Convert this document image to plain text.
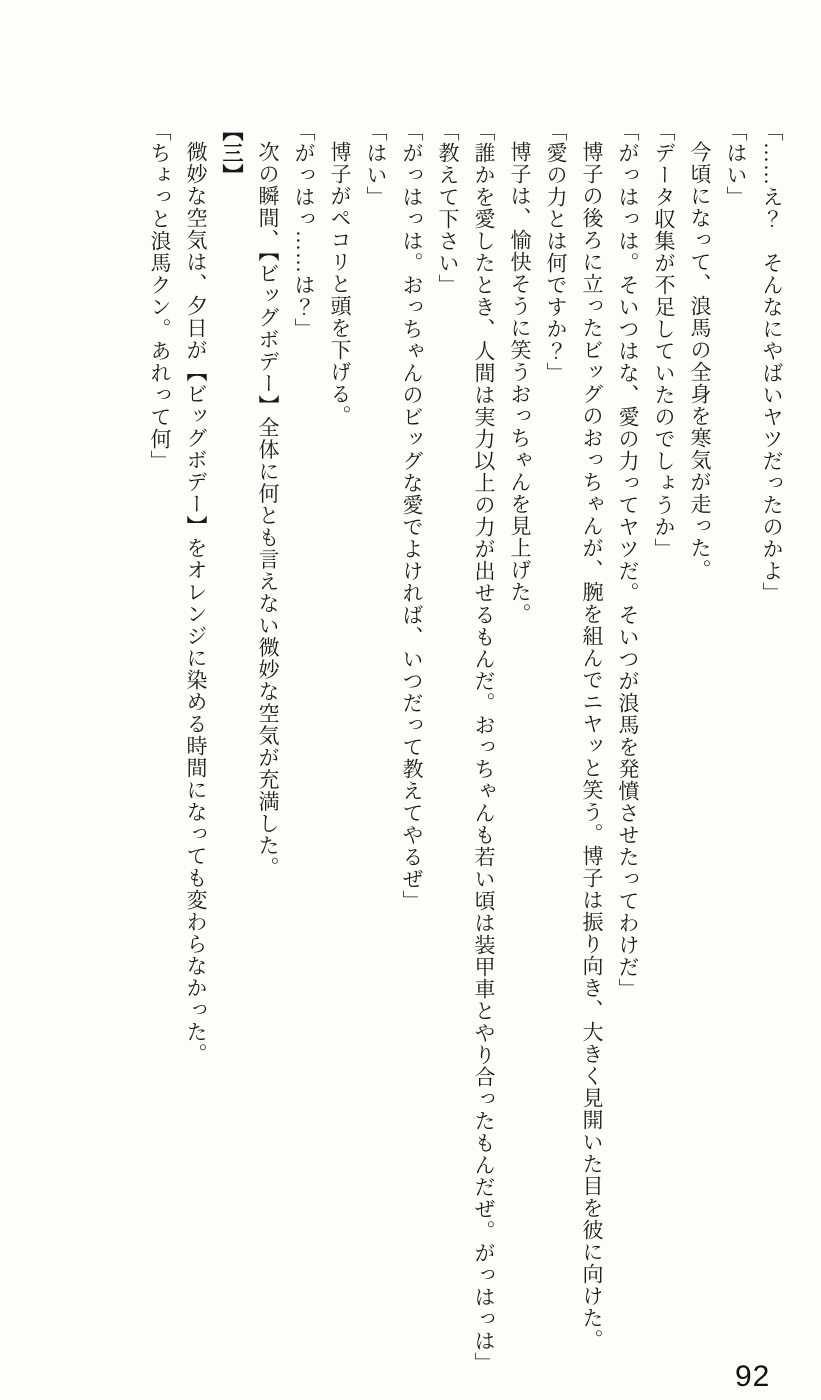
「……え？　そんなにやばいヤツだったのかよ」

「はい」

今頃になって、浪馬の全身を寒気が走った。

「データ収集が不足していたのでしょうか」

「がっはっは。そいつはな、愛の力ってヤツだ。そいつが浪馬を発憤させたってわけだ」

博子の後ろに立ったビッグのおっちゃんが、腕を組んでニヤッと笑う。博子は振り向き、大きく見開いた目を彼に向けた。

「愛の力とは何ですか？」

博子は、愉快そうに笑うおっちゃんを見上げた。

「誰かを愛したとき、人間は実力以上の力が出せるもんだ。おっちゃんも若い頃は装甲車とやり合ったもんだぜ。がっはっは」

「教えて下さい」

「がっはっは。おっちゃんのビッグな愛でよければ、いつだって教えてやるぜ」

「はい」

博子がペコリと頭を下げる。

「がっはっ……は？」

次の瞬間、【ビッグボデー】全体に何とも言えない微妙な空気が充満した。

【三】

微妙な空気は、夕日が【ビッグボデー】をオレンジに染める時間になっても変わらなかった。

「ちょっと浪馬クン。あれって何」

92
